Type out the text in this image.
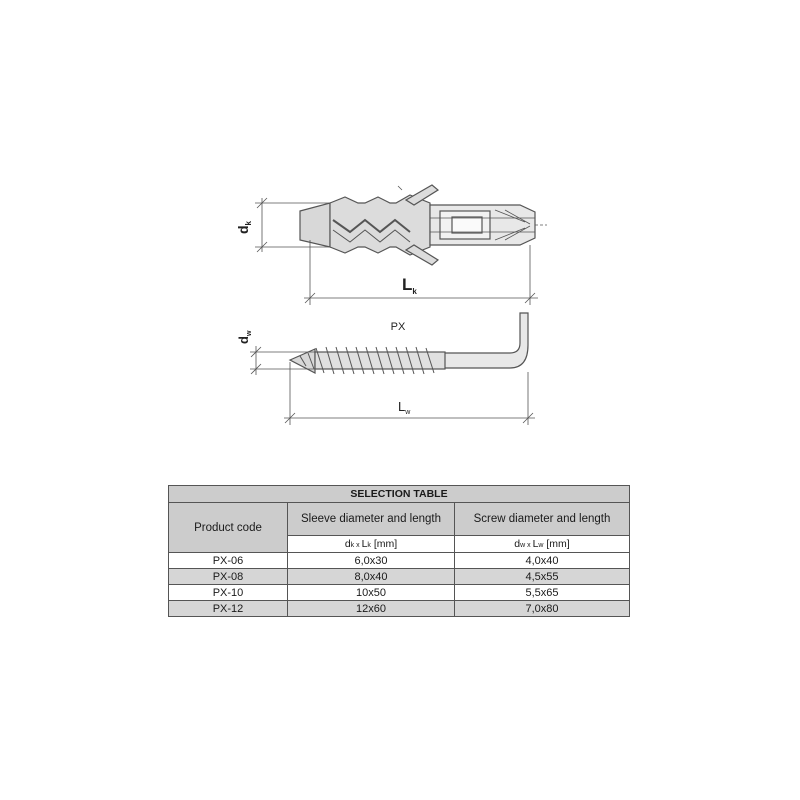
$d_k$
$L_k$
PX
$d_w$
$L_w$
SELECTION TABLE		
Product code	Sleeve diameter and length	Screw diameter and length
	dk x Lk [mm]	dw x Lw [mm]
PX-06	6,0x30	4,0x40
PX-08	8,0x40	4,5x55
PX-10	10x50	5,5x65
PX-12	12x60	7,0x80
